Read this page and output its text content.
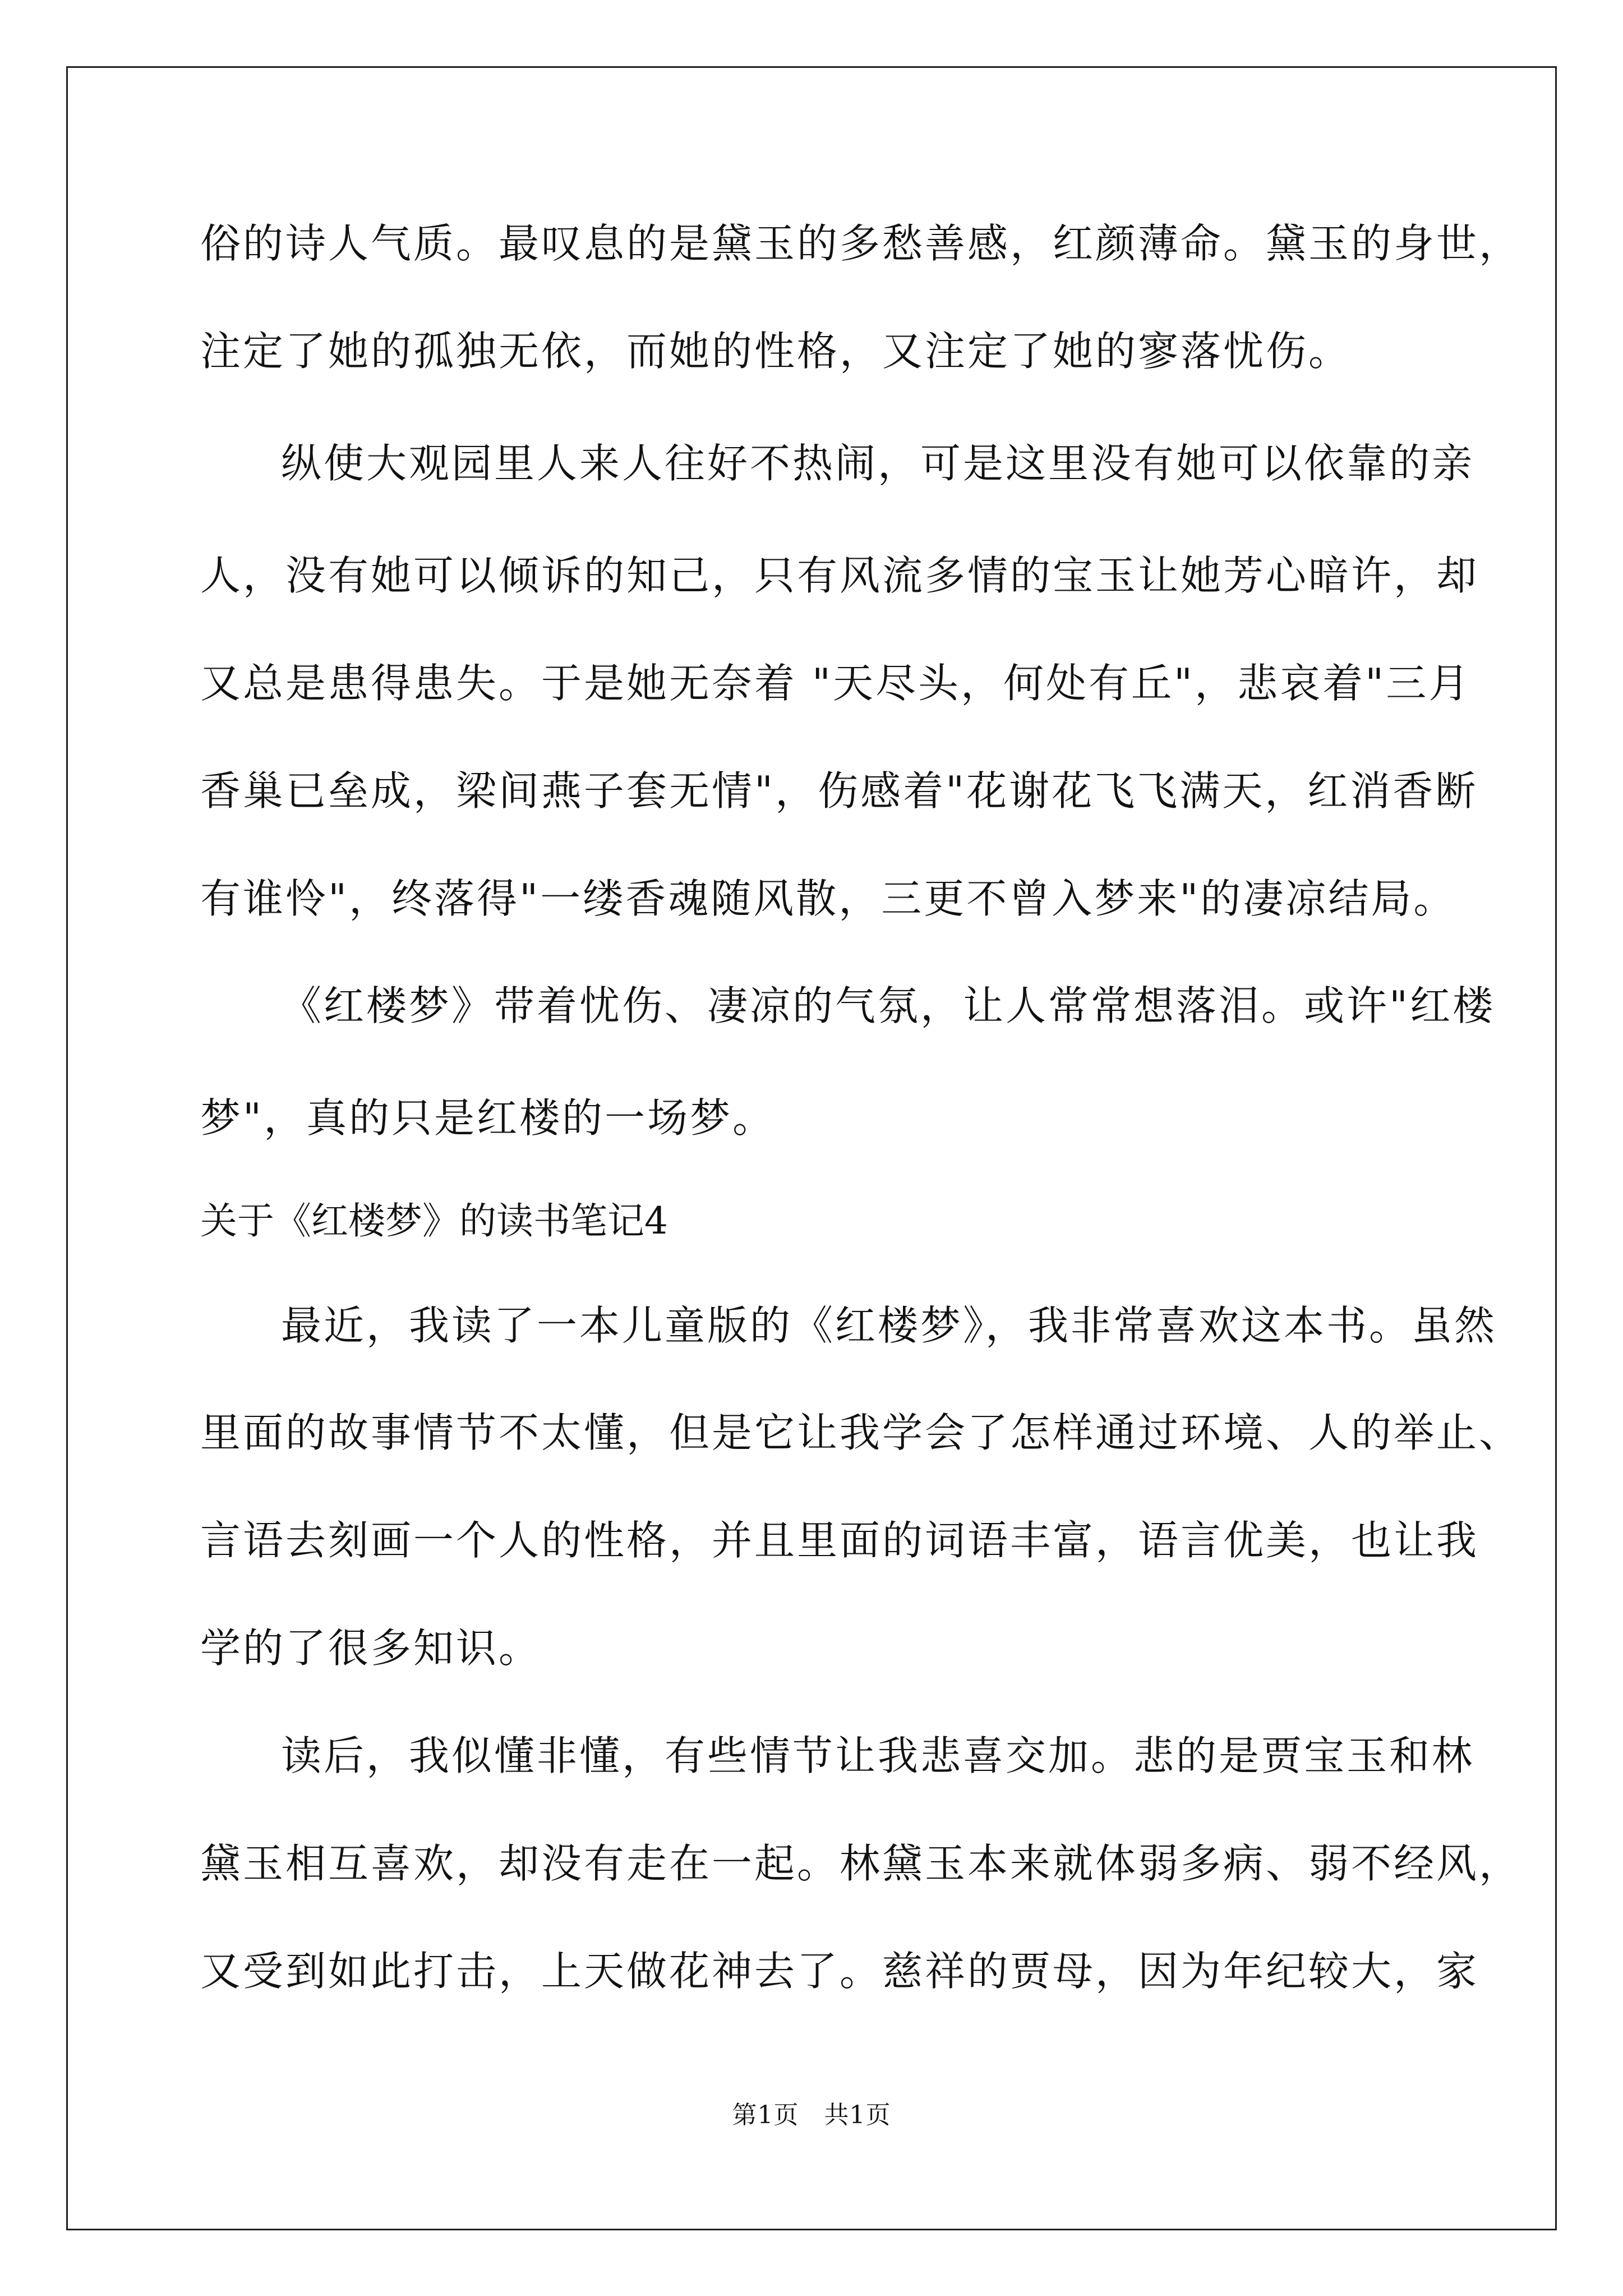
俗的诗人气质。最叹息的是黛玉的多愁善感，红颜薄命。黛玉的身世，
注定了她的孤独无依，而她的性格，又注定了她的寥落忧伤。
纵使大观园里人来人往好不热闹，可是这里没有她可以依靠的亲
人，没有她可以倾诉的知己，只有风流多情的宝玉让她芳心暗许，却
又总是患得患失。于是她无奈着 "天尽头，何处有丘"，悲哀着"三月
香巢已垒成，梁间燕子套无情"，伤感着"花谢花飞飞满天，红消香断
有谁怜"，终落得"一缕香魂随风散，三更不曾入梦来"的凄凉结局。
《红楼梦》带着忧伤、凄凉的气氛，让人常常想落泪。或许"红楼
梦"，真的只是红楼的一场梦。
关于《红楼梦》的读书笔记4
最近，我读了一本儿童版的《红楼梦》，我非常喜欢这本书。虽然
里面的故事情节不太懂，但是它让我学会了怎样通过环境、人的举止、
言语去刻画一个人的性格，并且里面的词语丰富，语言优美，也让我
学的了很多知识。
读后，我似懂非懂，有些情节让我悲喜交加。悲的是贾宝玉和林
黛玉相互喜欢，却没有走在一起。林黛玉本来就体弱多病、弱不经风，
又受到如此打击，上天做花神去了。慈祥的贾母，因为年纪较大，家
第1页　共1页
